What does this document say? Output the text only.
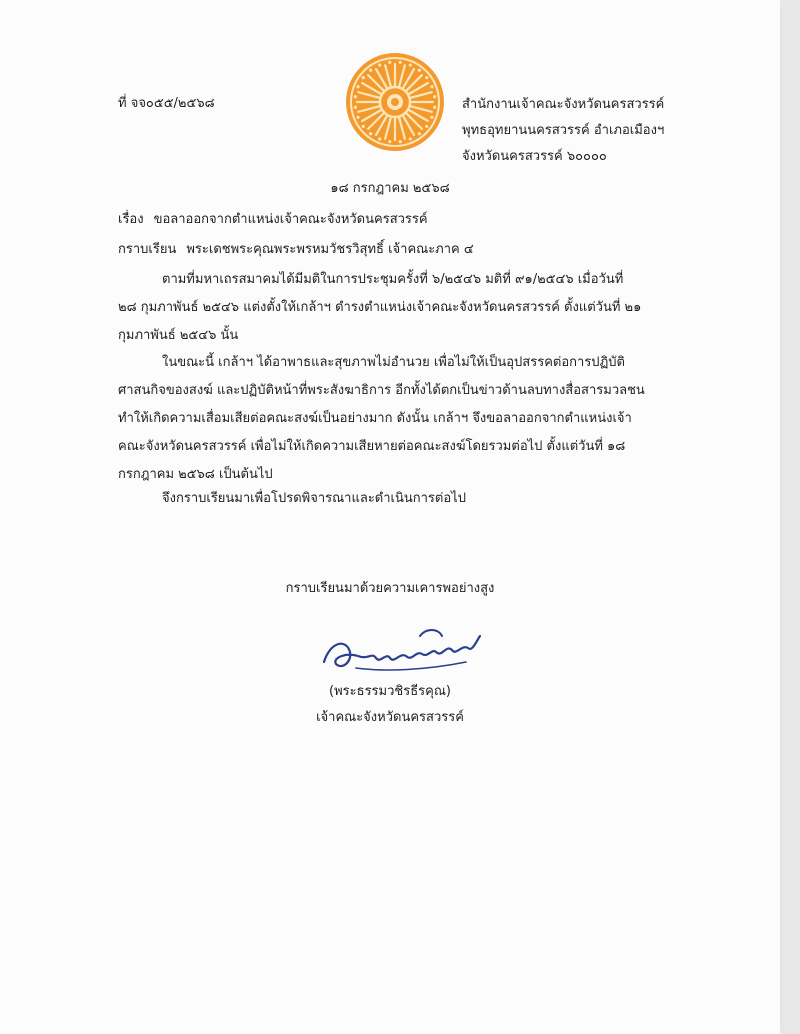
ที่ จจ๐๕๕/๒๕๖๘	สำนักงานเจ้าคณะจังหวัดนครสวรรค์
พุทธอุทยานนครสวรรค์ อำเภอเมืองฯ
จังหวัดนครสวรรค์ ๖๐๐๐๐
๑๘ กรกฎาคม ๒๕๖๘
เรื่อง ขอลาออกจากตำแหน่งเจ้าคณะจังหวัดนครสวรรค์
กราบเรียน พระเดชพระคุณพระพรหมวัชรวิสุทธิ์ เจ้าคณะภาค ๔
ตามที่มหาเถรสมาคมได้มีมติในการประชุมครั้งที่ ๖/๒๕๔๖ มติที่ ๙๑/๒๕๔๖ เมื่อวันที่
๒๘ กุมภาพันธ์ ๒๕๔๖ แต่งตั้งให้เกล้าฯ ดำรงตำแหน่งเจ้าคณะจังหวัดนครสวรรค์ ตั้งแต่วันที่ ๒๑
กุมภาพันธ์ ๒๕๔๖ นั้น
ในขณะนี้ เกล้าฯ ได้อาพาธและสุขภาพไม่อำนวย เพื่อไม่ให้เป็นอุปสรรคต่อการปฏิบัติ
ศาสนกิจของสงฆ์ และปฏิบัติหน้าที่พระสังฆาธิการ อีกทั้งได้ตกเป็นข่าวด้านลบทางสื่อสารมวลชน
ทำให้เกิดความเสื่อมเสียต่อคณะสงฆ์เป็นอย่างมาก ดังนั้น เกล้าฯ จึงขอลาออกจากตำแหน่งเจ้า
คณะจังหวัดนครสวรรค์ เพื่อไม่ให้เกิดความเสียหายต่อคณะสงฆ์โดยรวมต่อไป ตั้งแต่วันที่ ๑๘
กรกฎาคม ๒๕๖๘ เป็นต้นไป
จึงกราบเรียนมาเพื่อโปรดพิจารณาและดำเนินการต่อไป
กราบเรียนมาด้วยความเคารพอย่างสูง
(พระธรรมวชิรธีรคุณ)
เจ้าคณะจังหวัดนครสวรรค์
